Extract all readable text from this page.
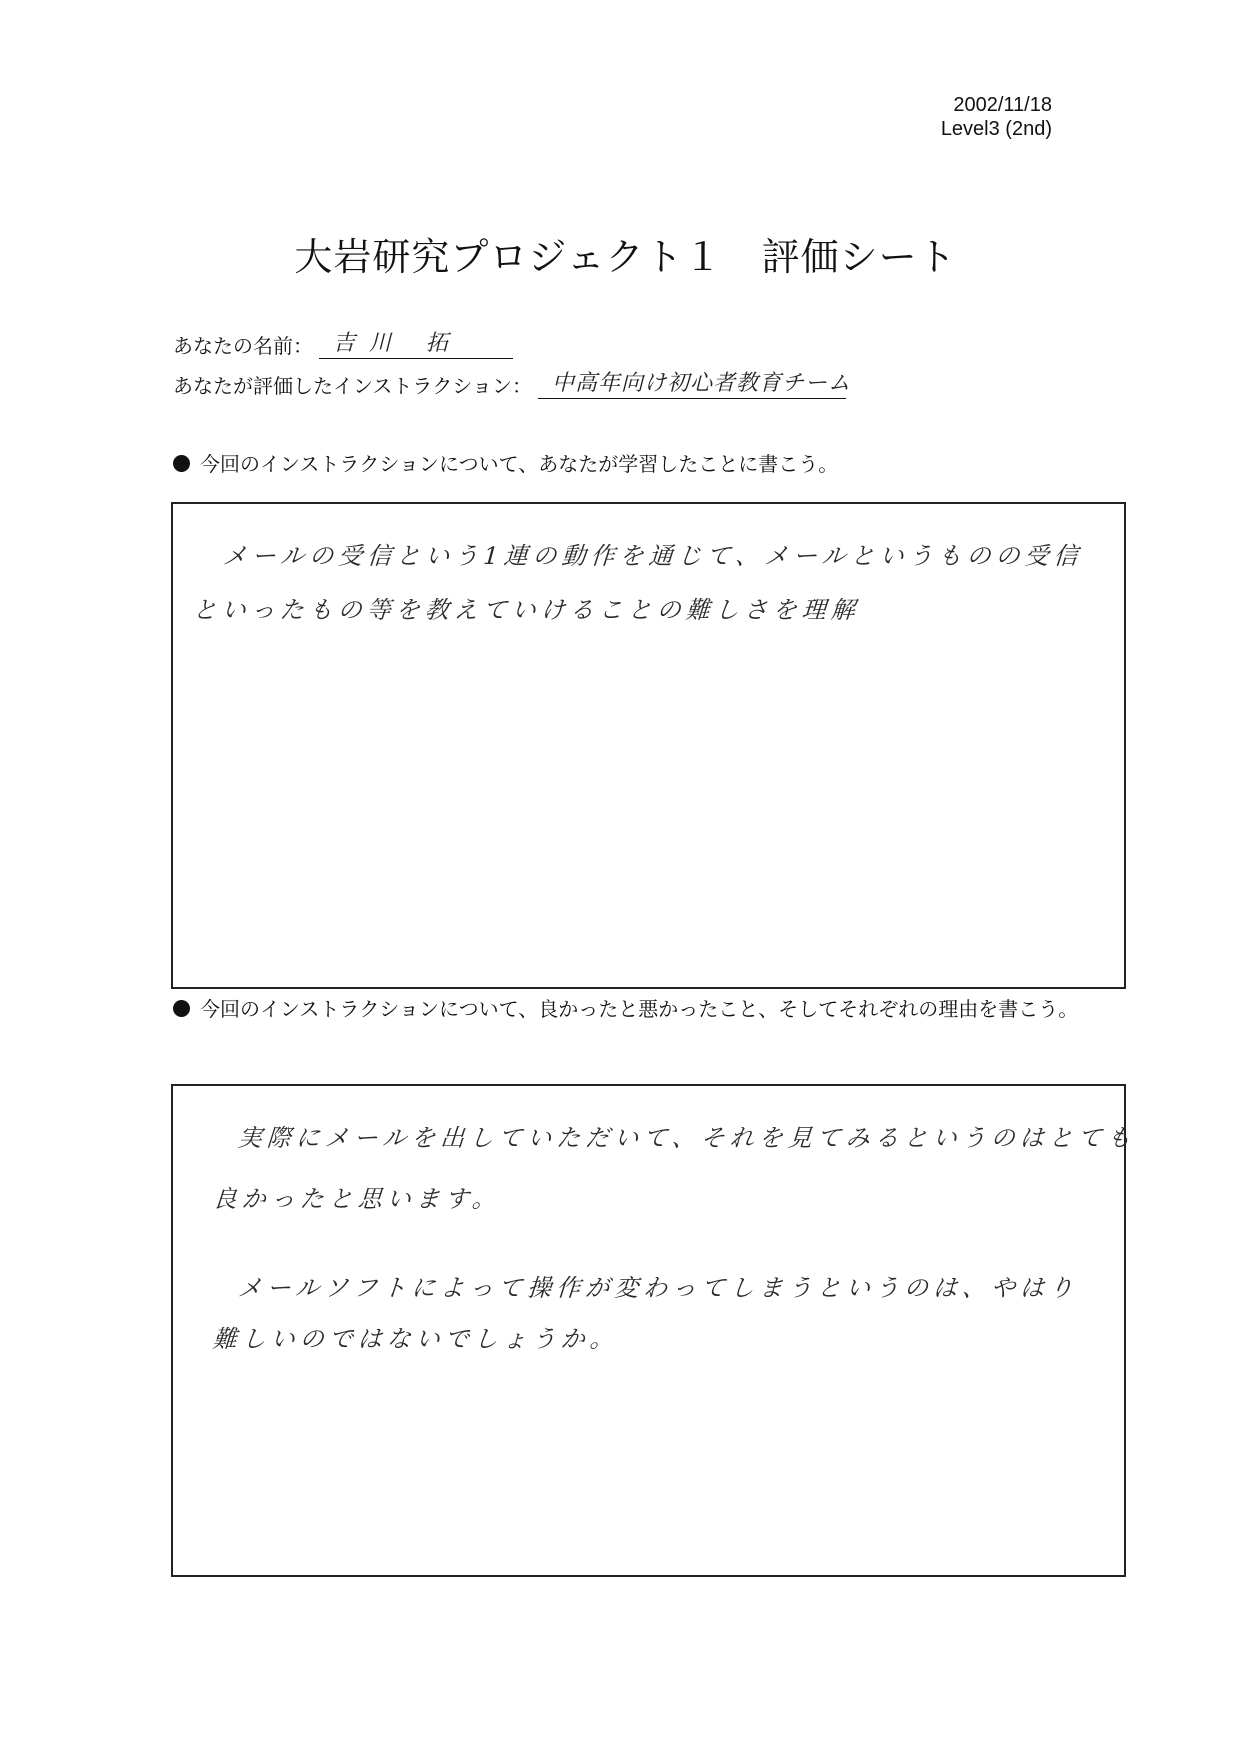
2002/11/18
Level3 (2nd)
大岩研究プロジェクト１　評価シート
あなたの名前： 吉川 拓
あなたが評価したインストラクション： 中高年向け初心者教育チーム
今回のインストラクションについて、あなたが学習したことに書こう。
メールの受信という1連の動作を通じて、メールというものの受信
といったもの等を教えていけることの難しさを理解
今回のインストラクションについて、良かったと悪かったこと、そしてそれぞれの理由を書こう。
実際にメールを出していただいて、それを見てみるというのはとても
良かったと思います。
メールソフトによって操作が変わってしまうというのは、やはり
難しいのではないでしょうか。
